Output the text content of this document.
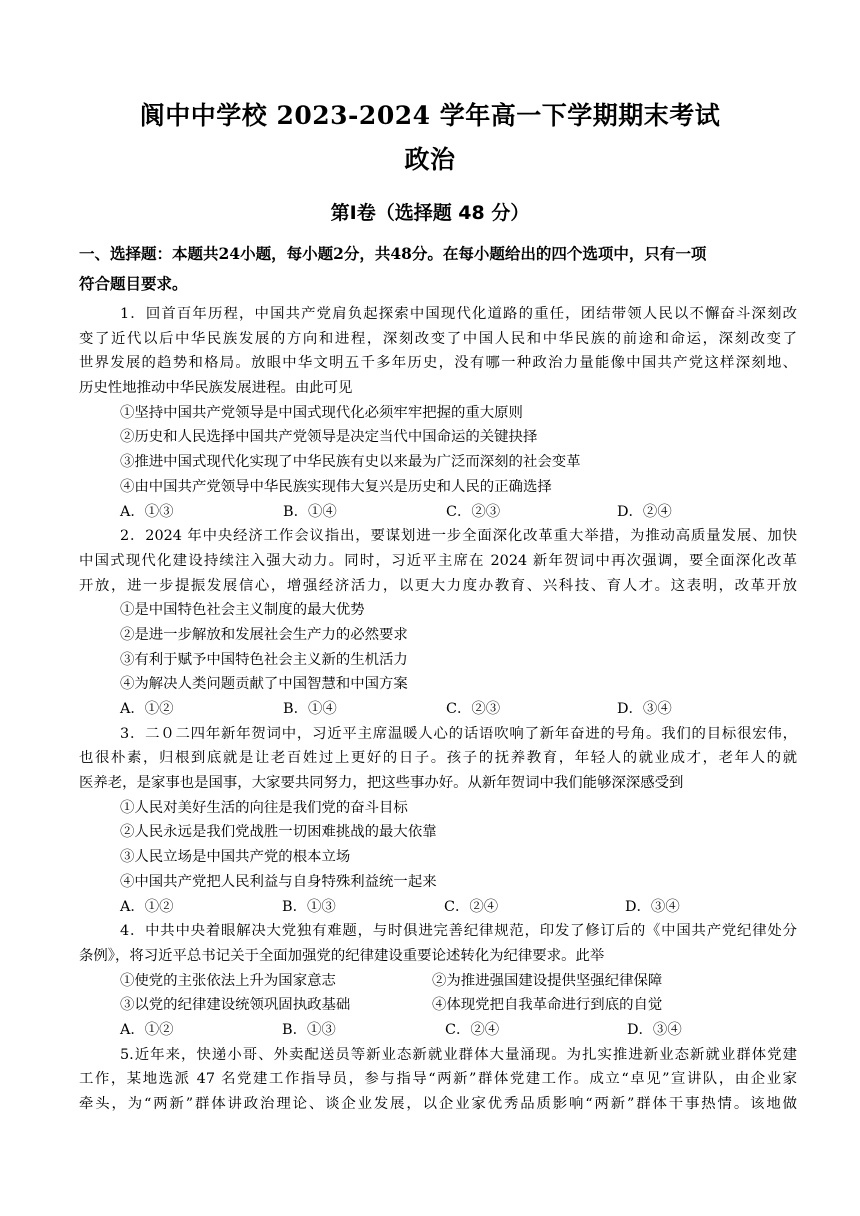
阆中中学校 2023-2024 学年高一下学期期末考试
政治
第Ⅰ卷（选择题 48 分）
一、选择题：本题共24小题，每小题2分，共48分。在每小题给出的四个选项中，只有一项
符合题目要求。
1．回首百年历程，中国共产党肩负起探索中国现代化道路的重任，团结带领人民以不懈奋斗深刻改
变了近代以后中华民族发展的方向和进程，深刻改变了中国人民和中华民族的前途和命运，深刻改变了
世界发展的趋势和格局。放眼中华文明五千多年历史，没有哪一种政治力量能像中国共产党这样深刻地、
历史性地推动中华民族发展进程。由此可见
①坚持中国共产党领导是中国式现代化必须牢牢把握的重大原则
②历史和人民选择中国共产党领导是决定当代中国命运的关键抉择
③推进中国式现代化实现了中华民族有史以来最为广泛而深刻的社会变革
④由中国共产党领导中华民族实现伟大复兴是历史和人民的正确选择
A．①③	B．①④	C．②③	D．②④
2．2024 年中央经济工作会议指出，要谋划进一步全面深化改革重大举措，为推动高质量发展、加快
中国式现代化建设持续注入强大动力。同时，习近平主席在 2024 新年贺词中再次强调，要全面深化改革
开放，进一步提振发展信心，增强经济活力，以更大力度办教育、兴科技、育人才。这表明，改革开放
①是中国特色社会主义制度的最大优势
②是进一步解放和发展社会生产力的必然要求
③有利于赋予中国特色社会主义新的生机活力
④为解决人类问题贡献了中国智慧和中国方案
A．①②	B．①④	C．②③	D．③④
3．二０二四年新年贺词中，习近平主席温暖人心的话语吹响了新年奋进的号角。我们的目标很宏伟，
也很朴素，归根到底就是让老百姓过上更好的日子。孩子的抚养教育，年轻人的就业成才，老年人的就
医养老，是家事也是国事，大家要共同努力，把这些事办好。从新年贺词中我们能够深深感受到
①人民对美好生活的向往是我们党的奋斗目标
②人民永远是我们党战胜一切困难挑战的最大依靠
③人民立场是中国共产党的根本立场
④中国共产党把人民利益与自身特殊利益统一起来
A．①②	B．①③	C．②④	D．③④
4．中共中央着眼解决大党独有难题，与时俱进完善纪律规范，印发了修订后的《中国共产党纪律处分
条例》，将习近平总书记关于全面加强党的纪律建设重要论述转化为纪律要求。此举
①使党的主张依法上升为国家意志	②为推进强国建设提供坚强纪律保障
③以党的纪律建设统领巩固执政基础	④体现党把自我革命进行到底的自觉
A．①②	B．①③	C．②④	D．③④
5.近年来，快递小哥、外卖配送员等新业态新就业群体大量涌现。为扎实推进新业态新就业群体党建
工作，某地选派 47 名党建工作指导员，参与指导“两新”群体党建工作。成立“卓见”宣讲队，由企业家
牵头，为“两新”群体讲政治理论、谈企业发展，以企业家优秀品质影响“两新”群体干事热情。该地做
